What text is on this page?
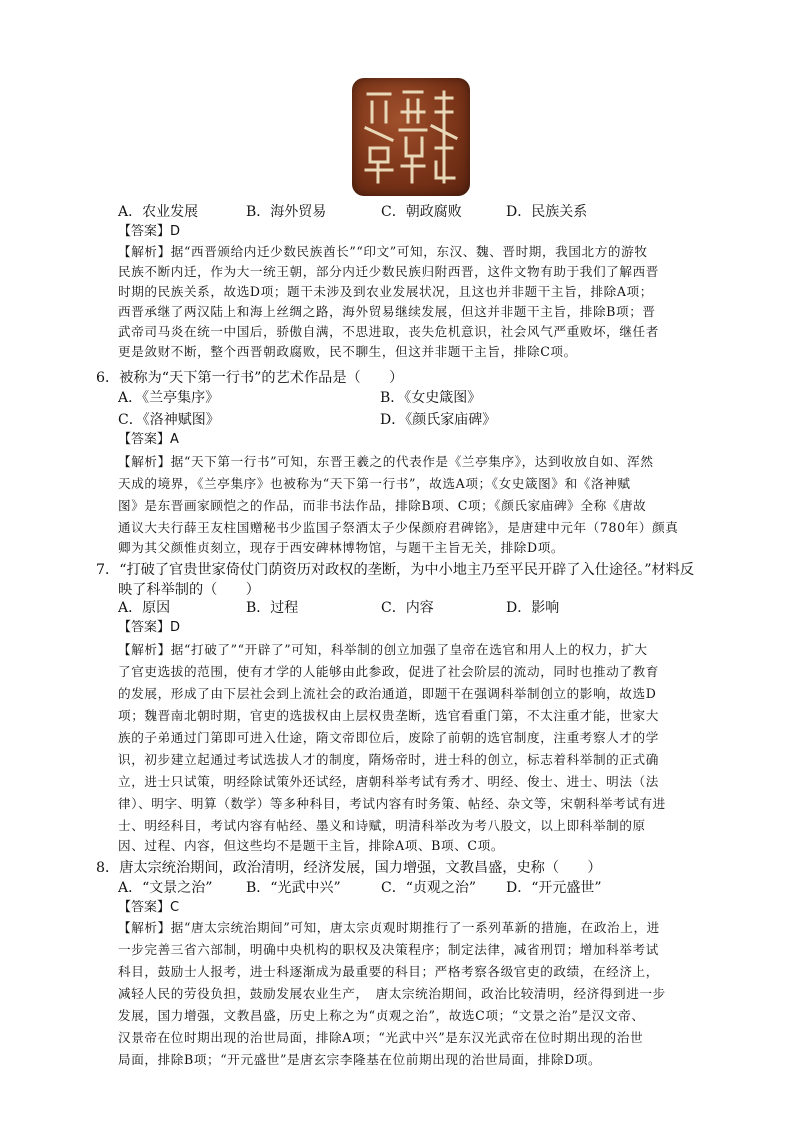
A．农业发展	B．海外贸易	C．朝政腐败	D．民族关系
【答案】D
【解析】据“西晋颁给内迁少数民族酋长”“印文”可知，东汉、魏、晋时期，我国北方的游牧
民族不断内迁，作为大一统王朝，部分内迁少数民族归附西晋，这件文物有助于我们了解西晋
时期的民族关系，故选D项；题干未涉及到农业发展状况，且这也并非题干主旨，排除A项；
西晋承继了两汉陆上和海上丝绸之路，海外贸易继续发展，但这并非题干主旨，排除B项；晋
武帝司马炎在统一中国后，骄傲自满，不思进取，丧失危机意识，社会风气严重败坏，继任者
更是敛财不断，整个西晋朝政腐败，民不聊生，但这并非题干主旨，排除C项。
6．被称为“天下第一行书”的艺术作品是（　　）
A．《兰亭集序》	B．《女史箴图》
C．《洛神赋图》	D．《颜氏家庙碑》
【答案】A
【解析】据“天下第一行书”可知，东晋王羲之的代表作是《兰亭集序》，达到收放自如、浑然
天成的境界，《兰亭集序》也被称为“天下第一行书”，故选A项；《女史箴图》和《洛神赋
图》是东晋画家顾恺之的作品，而非书法作品，排除B项、C项；《颜氏家庙碑》全称《唐故
通议大夫行薛王友柱国赠秘书少监国子祭酒太子少保颜府君碑铭》，是唐建中元年（780年）颜真
卿为其父颜惟贞刻立，现存于西安碑林博物馆，与题干主旨无关，排除D项。
7．“打破了官贵世家倚仗门荫资历对政权的垄断，为中小地主乃至平民开辟了入仕途径。”材料反
映了科举制的（　　）
A．原因	B．过程	C．内容	D．影响
【答案】D
【解析】据“打破了”“开辟了”可知，科举制的创立加强了皇帝在选官和用人上的权力，扩大
了官吏选拔的范围，使有才学的人能够由此参政，促进了社会阶层的流动，同时也推动了教育
的发展，形成了由下层社会到上流社会的政治通道，即题干在强调科举制创立的影响，故选D
项；魏晋南北朝时期，官吏的选拔权由上层权贵垄断，选官看重门第，不太注重才能，世家大
族的子弟通过门第即可进入仕途，隋文帝即位后，废除了前朝的选官制度，注重考察人才的学
识，初步建立起通过考试选拔人才的制度，隋炀帝时，进士科的创立，标志着科举制的正式确
立，进士只试策，明经除试策外还试经，唐朝科举考试有秀才、明经、俊士、进士、明法（法
律）、明字、明算（数学）等多种科目，考试内容有时务策、帖经、杂文等，宋朝科举考试有进
士、明经科目，考试内容有帖经、墨义和诗赋，明清科举改为考八股文，以上即科举制的原
因、过程、内容，但这些均不是题干主旨，排除A项、B项、C项。
8．唐太宗统治期间，政治清明，经济发展，国力增强，文教昌盛，史称（　　）
A．“文景之治” B．“光武中兴”	C．“贞观之治” D．“开元盛世”
【答案】C
【解析】据“唐太宗统治期间”可知，唐太宗贞观时期推行了一系列革新的措施，在政治上，进
一步完善三省六部制，明确中央机构的职权及决策程序；制定法律，减省刑罚；增加科举考试
科目，鼓励士人报考，进士科逐渐成为最重要的科目；严格考察各级官吏的政绩，在经济上，
减轻人民的劳役负担，鼓励发展农业生产，　唐太宗统治期间，政治比较清明，经济得到进一步
发展，国力增强，文教昌盛，历史上称之为“贞观之治”，故选C项；“文景之治”是汉文帝、
汉景帝在位时期出现的治世局面，排除A项；“光武中兴”是东汉光武帝在位时期出现的治世
局面，排除B项；“开元盛世”是唐玄宗李隆基在位前期出现的治世局面，排除D项。
